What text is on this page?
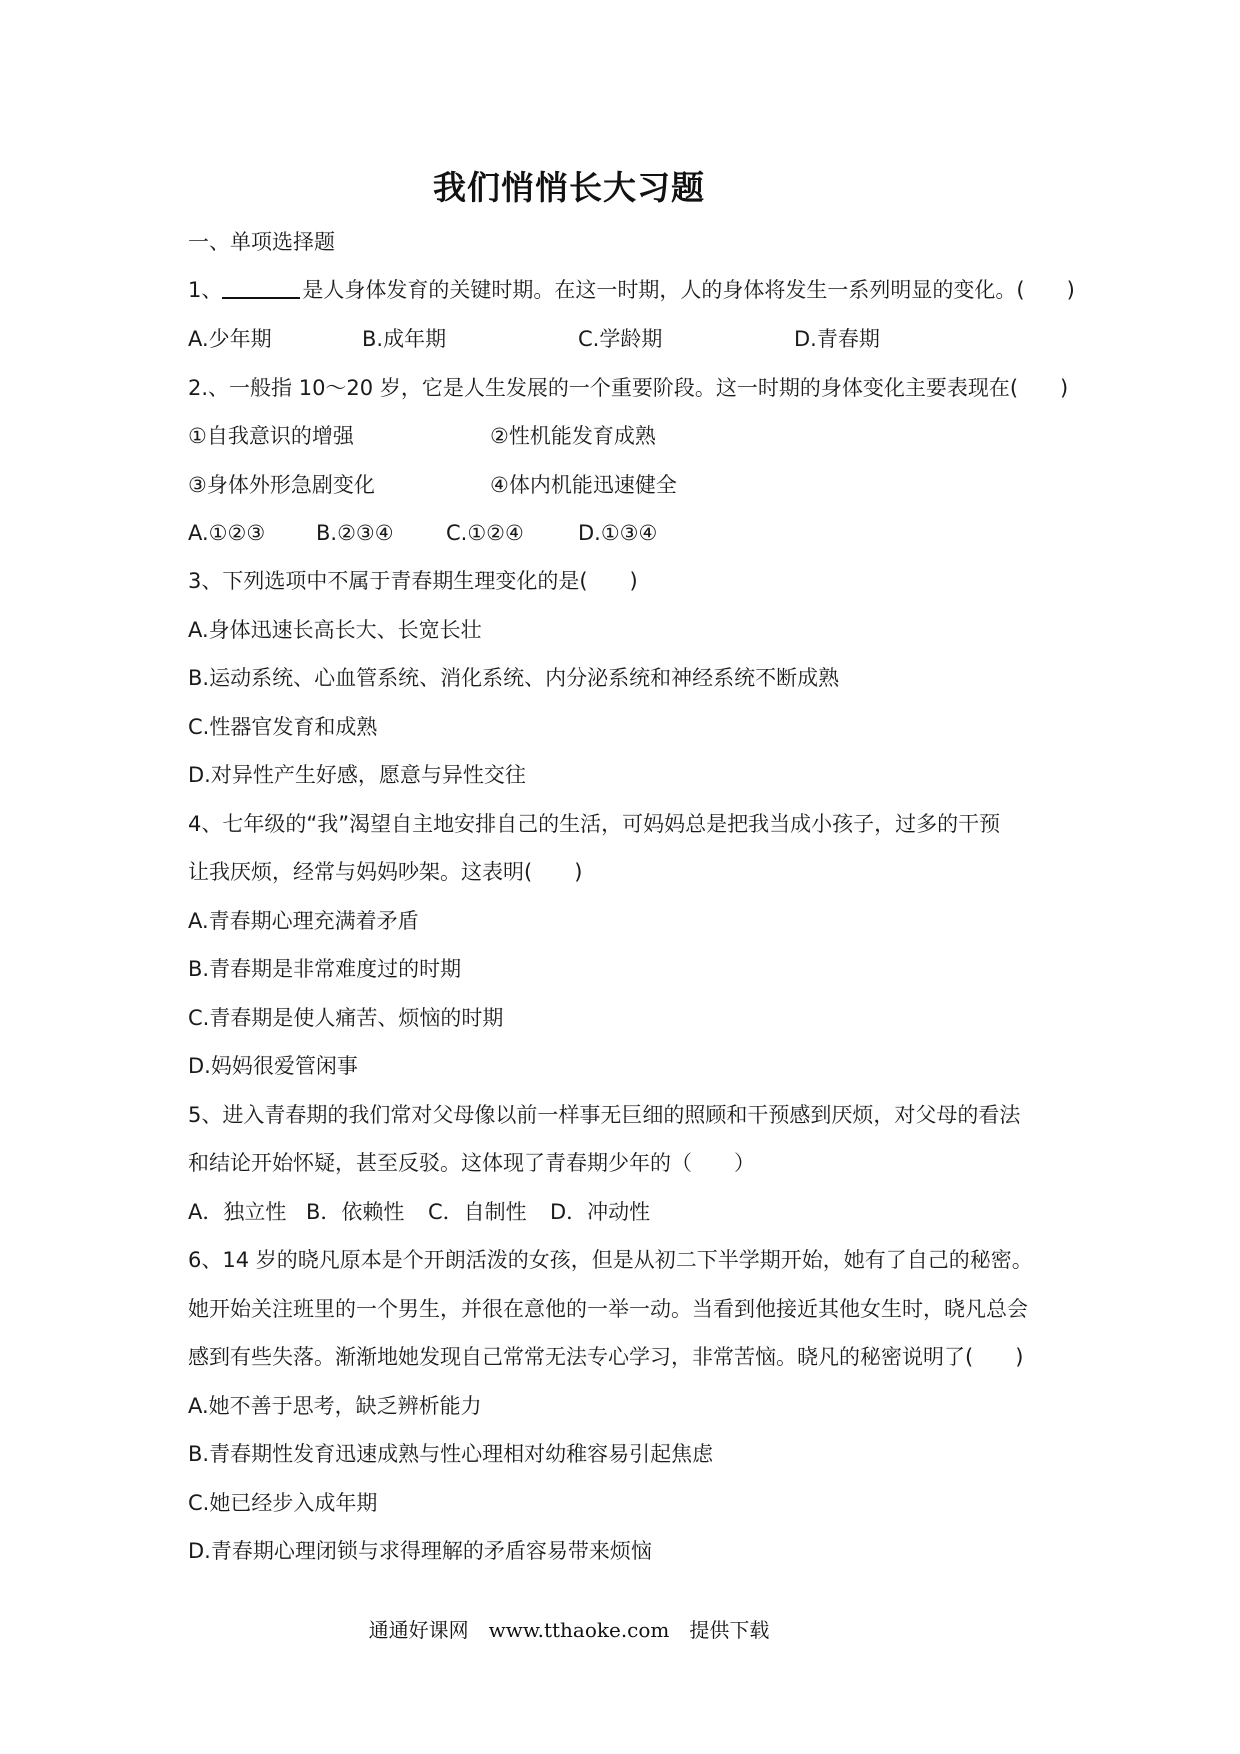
我们悄悄长大习题
一、单项选择题
1、	是人身体发育的关键时期。在这一时期，人的身体将发生一系列明显的变化。(　　)
A.少年期	B.成年期	C.学龄期	D.青春期
2.、一般指 10～20 岁，它是人生发展的一个重要阶段。这一时期的身体变化主要表现在(　　)
①自我意识的增强	②性机能发育成熟
③身体外形急剧变化	④体内机能迅速健全
A.①②③ B.②③④ C.①②④	D.①③④
3、下列选项中不属于青春期生理变化的是(　　)
A.身体迅速长高长大、长宽长壮
B.运动系统、心血管系统、消化系统、内分泌系统和神经系统不断成熟
C.性器官发育和成熟
D.对异性产生好感，愿意与异性交往
4、七年级的“我”渴望自主地安排自己的生活，可妈妈总是把我当成小孩子，过多的干预
让我厌烦，经常与妈妈吵架。这表明(　　)
A.青春期心理充满着矛盾
B.青春期是非常难度过的时期
C.青春期是使人痛苦、烦恼的时期
D.妈妈很爱管闲事
5、进入青春期的我们常对父母像以前一样事无巨细的照顾和干预感到厌烦，对父母的看法
和结论开始怀疑，甚至反驳。这体现了青春期少年的（　　）
A．独立性 B．依赖性 C．自制性 D．冲动性
6、14 岁的晓凡原本是个开朗活泼的女孩，但是从初二下半学期开始，她有了自己的秘密。
她开始关注班里的一个男生，并很在意他的一举一动。当看到他接近其他女生时，晓凡总会
感到有些失落。渐渐地她发现自己常常无法专心学习，非常苦恼。晓凡的秘密说明了(　　)
A.她不善于思考，缺乏辨析能力
B.青春期性发育迅速成熟与性心理相对幼稚容易引起焦虑
C.她已经步入成年期
D.青春期心理闭锁与求得理解的矛盾容易带来烦恼
通通好课网　www.tthaoke.com　提供下载
